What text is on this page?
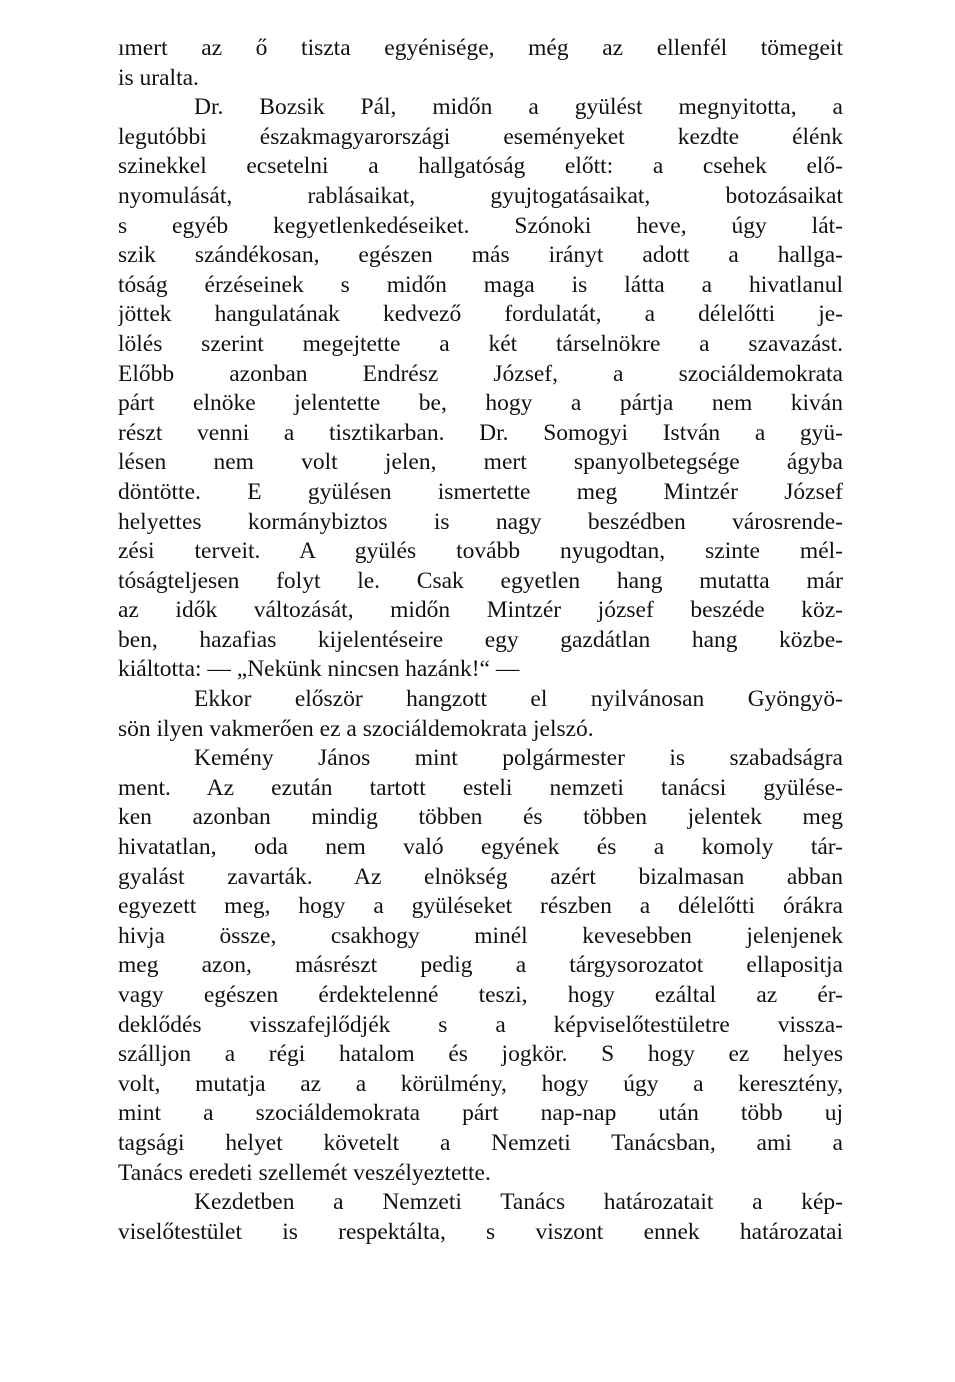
ımert az ő tiszta egyénisége, még az ellenfél tömegeit
is uralta.
Dr. Bozsik Pál, midőn a gyülést megnyitotta, a
legutóbbi északmagyarországi eseményeket kezdte élénk
szinekkel ecsetelni a hallgatóság előtt: a csehek elő-
nyomulását, rablásaikat, gyujtogatásaikat, botozásaikat
s egyéb kegyetlenkedéseiket. Szónoki heve, úgy lát-
szik szándékosan, egészen más irányt adott a hallga-
tóság érzéseinek s midőn maga is látta a hivatlanul
jöttek hangulatának kedvező fordulatát, a délelőtti je-
lölés szerint megejtette a két társelnökre a szavazást.
Előbb azonban Endrész József, a szociáldemokrata
párt elnöke jelentette be, hogy a pártja nem kiván
részt venni a tisztikarban. Dr. Somogyi István a gyü-
lésen nem volt jelen, mert spanyolbetegsége ágyba
döntötte. E gyülésen ismertette meg Mintzér József
helyettes kormánybiztos is nagy beszédben városrende-
zési terveit. A gyülés tovább nyugodtan, szinte mél-
tóságteljesen folyt le. Csak egyetlen hang mutatta már
az idők változását, midőn Mintzér józsef beszéde köz-
ben, hazafias kijelentéseire egy gazdátlan hang közbe-
kiáltotta: — „Nekünk nincsen hazánk!“ —
Ekkor először hangzott el nyilvánosan Gyöngyö-
sön ilyen vakmerően ez a szociáldemokrata jelszó.
Kemény János mint polgármester is szabadságra
ment. Az ezután tartott esteli nemzeti tanácsi gyülése-
ken azonban mindig többen és többen jelentek meg
hivatatlan, oda nem való egyének és a komoly tár-
gyalást zavarták. Az elnökség azért bizalmasan abban
egyezett meg, hogy a gyüléseket részben a délelőtti órákra
hivja össze, csakhogy minél kevesebben jelenjenek
meg azon, másrészt pedig a tárgysorozatot ellapositja
vagy egészen érdektelenné teszi, hogy ezáltal az ér-
deklődés visszafejlődjék s a képviselőtestületre vissza-
szálljon a régi hatalom és jogkör. S hogy ez helyes
volt, mutatja az a körülmény, hogy úgy a keresztény,
mint a szociáldemokrata párt nap-nap után több uj
tagsági helyet követelt a Nemzeti Tanácsban, ami a
Tanács eredeti szellemét veszélyeztette.
Kezdetben a Nemzeti Tanács határozatait a kép-
viselőtestület is respektálta, s viszont ennek határozatai
